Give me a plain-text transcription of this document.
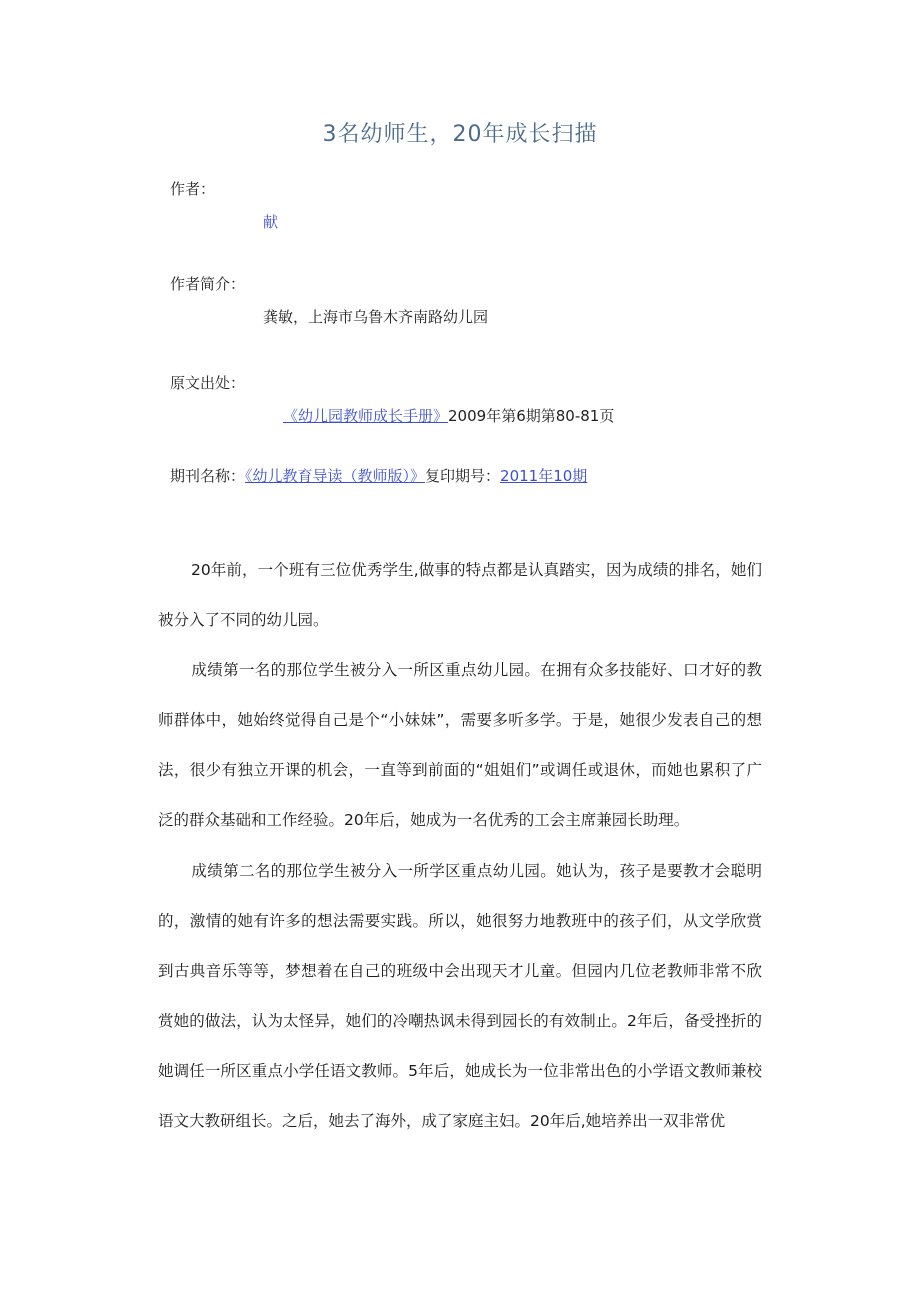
3名幼师生，20年成长扫描
作者：
献
作者简介：
龚敏，上海市乌鲁木齐南路幼儿园
原文出处：
《幼儿园教师成长手册》2009年第6期第80-81页
期刊名称：《幼儿教育导读（教师版）》复印期号：2011年10期

20年前，一个班有三位优秀学生,做事的特点都是认真踏实，因为成绩的排名，她们被分入了不同的幼儿园。

成绩第一名的那位学生被分入一所区重点幼儿园。在拥有众多技能好、口才好的教师群体中，她始终觉得自己是个“小妹妹”，需要多听多学。于是，她很少发表自己的想法，很少有独立开课的机会，一直等到前面的“姐姐们”或调任或退休，而她也累积了广泛的群众基础和工作经验。20年后，她成为一名优秀的工会主席兼园长助理。

成绩第二名的那位学生被分入一所学区重点幼儿园。她认为，孩子是要教才会聪明的，激情的她有许多的想法需要实践。所以，她很努力地教班中的孩子们，从文学欣赏到古典音乐等等，梦想着在自己的班级中会出现天才儿童。但园内几位老教师非常不欣赏她的做法，认为太怪异，她们的冷嘲热讽未得到园长的有效制止。2年后，备受挫折的她调任一所区重点小学任语文教师。5年后，她成长为一位非常出色的小学语文教师兼校语文大教研组长。之后，她去了海外，成了家庭主妇。20年后,她培养出一双非常优
